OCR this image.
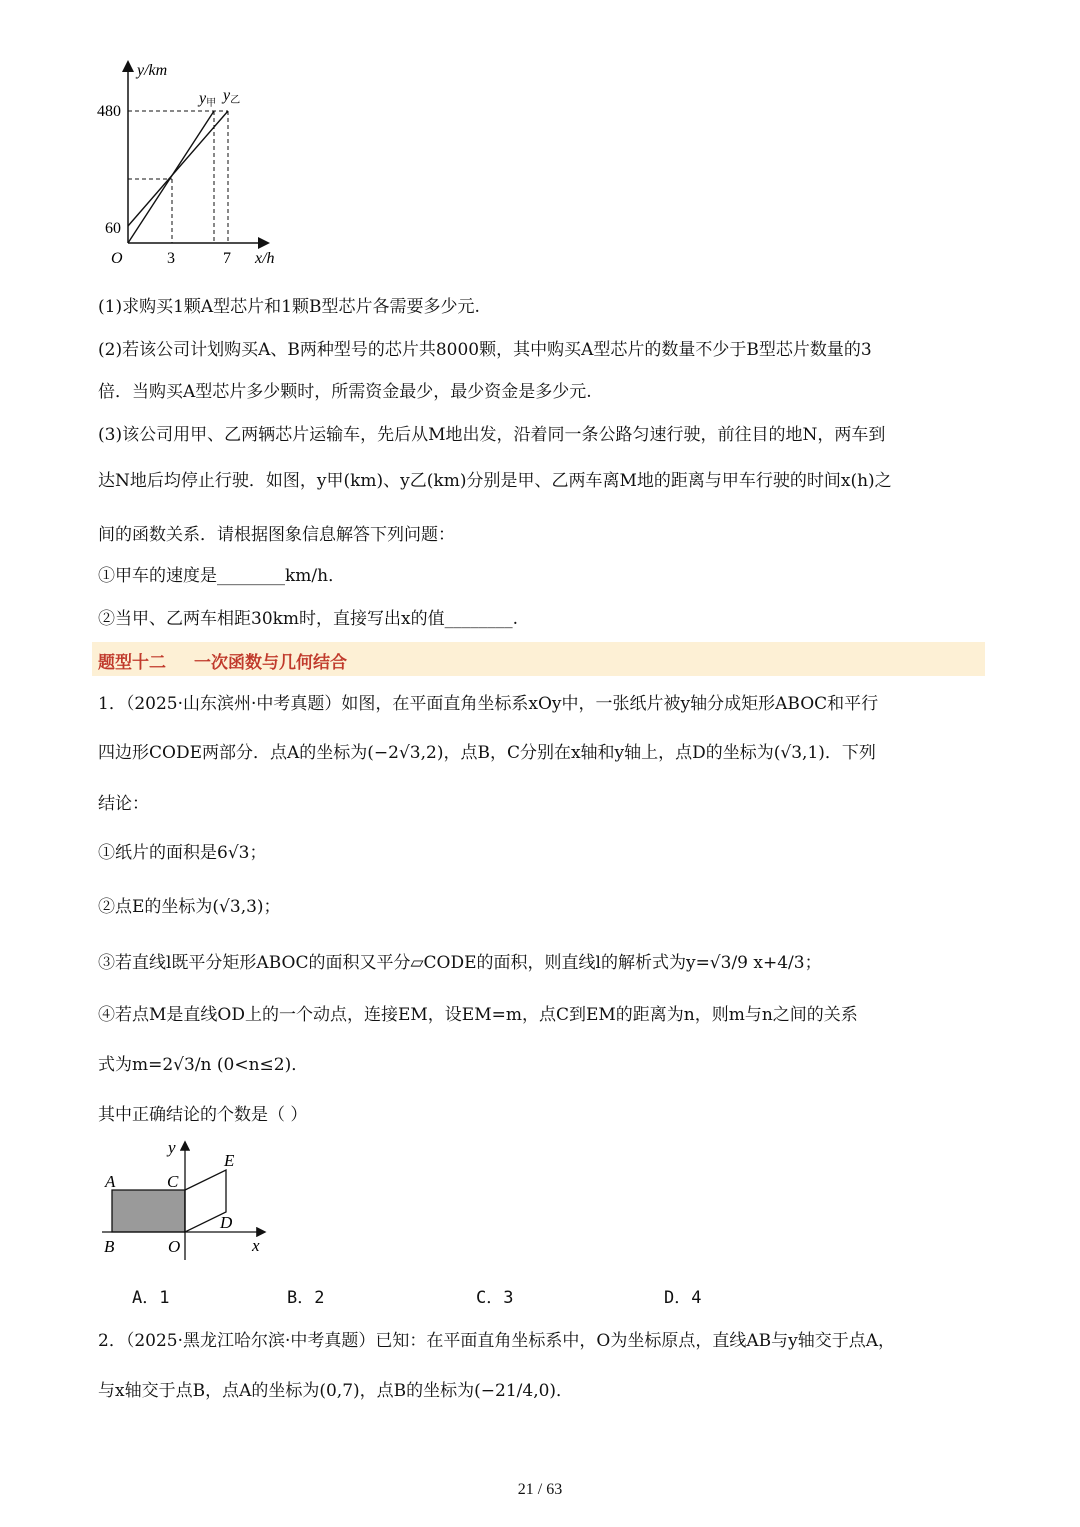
y/km
x/h
O
480
60
3	7
y甲 y乙
(1)求购买1颗A型芯片和1颗B型芯片各需要多少元.
(2)若该公司计划购买A、B两种型号的芯片共8000颗，其中购买A型芯片的数量不少于B型芯片数量的3
倍．当购买A型芯片多少颗时，所需资金最少，最少资金是多少元.
(3)该公司用甲、乙两辆芯片运输车，先后从M地出发，沿着同一条公路匀速行驶，前往目的地N，两车到
达N地后均停止行驶．如图，y甲(km)、y乙(km)分别是甲、乙两车离M地的距离与甲车行驶的时间x(h)之
间的函数关系．请根据图象信息解答下列问题：
①甲车的速度是________km/h．
②当甲、乙两车相距30km时，直接写出x的值________.
题型十二 一次函数与几何结合
1．（2025·山东滨州·中考真题）如图，在平面直角坐标系xOy中，一张纸片被y轴分成矩形ABOC和平行
四边形CODE两部分．点A的坐标为(−2√3,2)，点B，C分别在x轴和y轴上，点D的坐标为(√3,1)．下列
结论：
①纸片的面积是6√3；
②点E的坐标为(√3,3)；
③若直线l既平分矩形ABOC的面积又平分▱CODE的面积，则直线l的解析式为y=√3/9 x+4/3；
④若点M是直线OD上的一个动点，连接EM，设EM=m，点C到EM的距离为n，则m与n之间的关系
式为m=2√3/n (0<n≤2)．
其中正确结论的个数是（ ）
y
x
A
B
C
O
D
E
A．1	B．2	C．3	D．4
2．（2025·黑龙江哈尔滨·中考真题）已知：在平面直角坐标系中，O为坐标原点，直线AB与y轴交于点A，
与x轴交于点B，点A的坐标为(0,7)，点B的坐标为(−21/4,0)．
21 / 63
